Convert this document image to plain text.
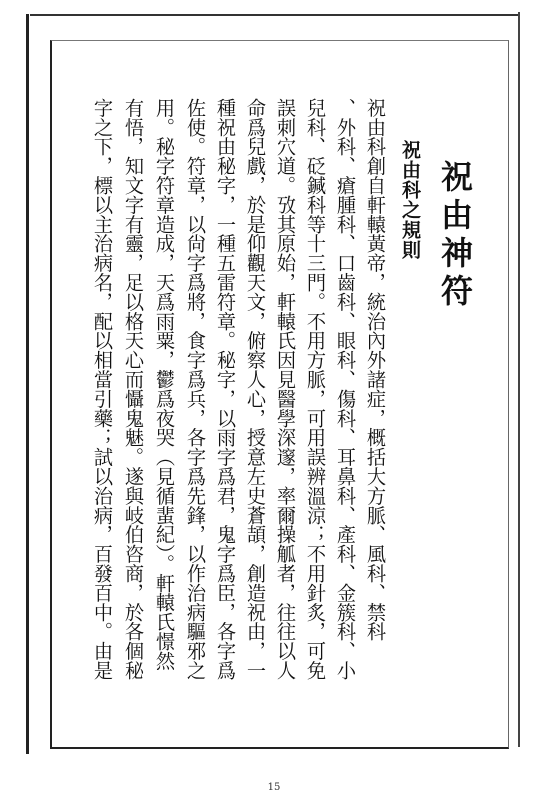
祝由神符
祝由科之規則
祝由科創自軒轅黃帝，統治內外諸症，概括大方脈、風科、禁科
、外科、瘡腫科、口齒科、眼科、傷科、耳鼻科、產科、金簇科、小
兒科、砭鍼科等十三門。不用方脈，可用誤辨溫涼；不用針炙，可免
誤刺穴道。攷其原始，軒轅氏因見醫學深邃，率爾操觚者，往往以人
命爲兒戲，於是仰觀天文，俯察人心，授意左史蒼頡，創造祝由，一
種祝由秘字，一種五雷符章。秘字，以雨字爲君，鬼字爲臣，各字爲
佐使。符章，以尙字爲將，食字爲兵，各字爲先鋒，以作治病驅邪之
用。秘字符章造成，天爲雨粟，鬱爲夜哭（見循蜚紀）。軒轅氏憬然
有悟，知文字有靈，足以格天心而懾鬼魅。遂與岐伯咨商，於各個秘
字之下，標以主治病名，配以相當引藥；試以治病，百發百中。由是
15
